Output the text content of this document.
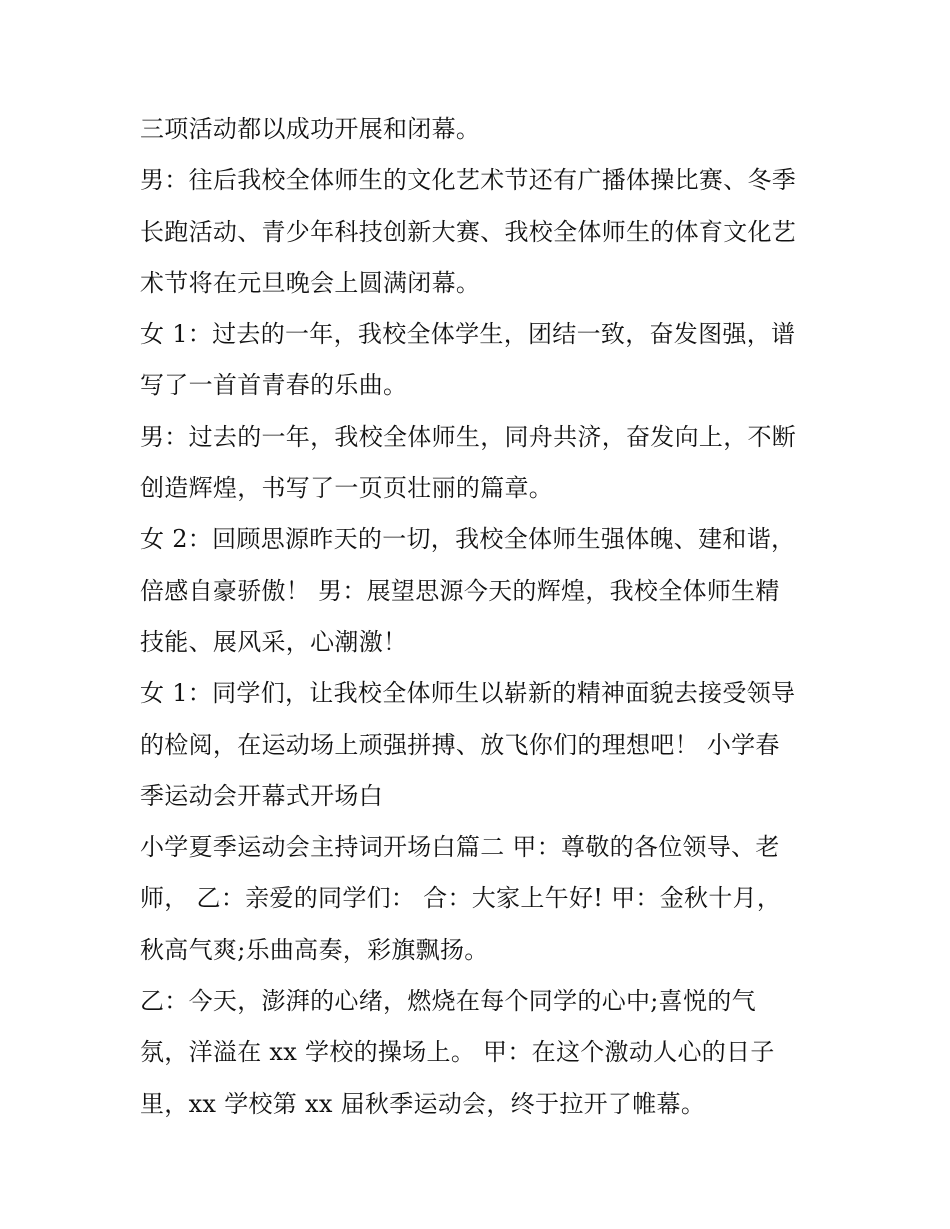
三项活动都以成功开展和闭幕。
男：往后我校全体师生的文化艺术节还有广播体操比赛、冬季
长跑活动、青少年科技创新大赛、我校全体师生的体育文化艺
术节将在元旦晚会上圆满闭幕。
女 1：过去的一年，我校全体学生，团结一致，奋发图强，谱
写了一首首青春的乐曲。
男：过去的一年，我校全体师生，同舟共济，奋发向上，不断
创造辉煌，书写了一页页壮丽的篇章。
女 2：回顾思源昨天的一切，我校全体师生强体魄、建和谐，
倍感自豪骄傲！ 男：展望思源今天的辉煌，我校全体师生精
技能、展风采，心潮激！
女 1：同学们，让我校全体师生以崭新的精神面貌去接受领导
的检阅，在运动场上顽强拼搏、放飞你们的理想吧！ 小学春
季运动会开幕式开场白
小学夏季运动会主持词开场白篇二 甲：尊敬的各位领导、老
师， 乙：亲爱的同学们： 合：大家上午好! 甲：金秋十月，
秋高气爽;乐曲高奏，彩旗飘扬。
乙：今天，澎湃的心绪，燃烧在每个同学的心中;喜悦的气
氛，洋溢在 xx 学校的操场上。 甲：在这个激动人心的日子
里，xx 学校第 xx 届秋季运动会，终于拉开了帷幕。
